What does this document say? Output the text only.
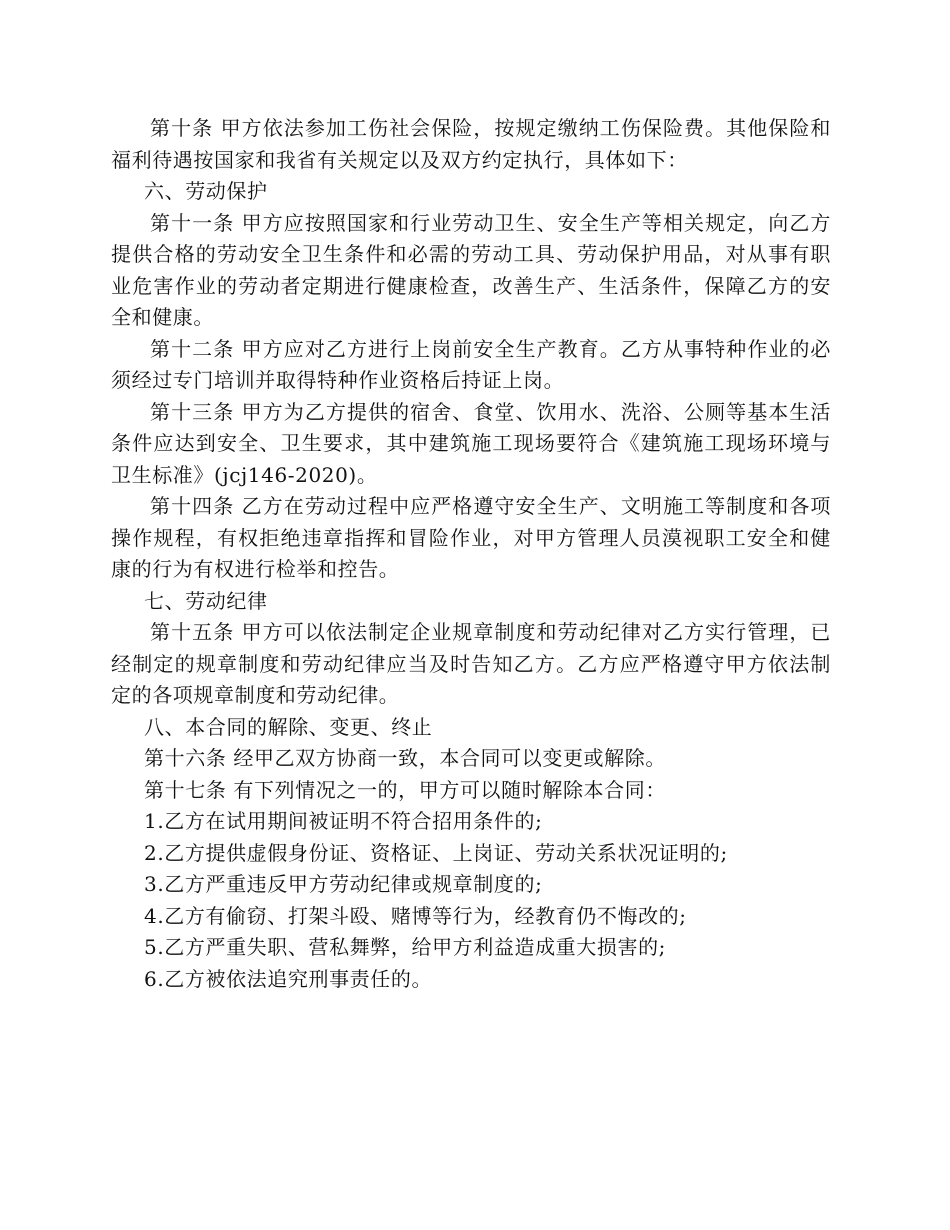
第十条 甲方依法参加工伤社会保险，按规定缴纳工伤保险费。其他保险和福利待遇按国家和我省有关规定以及双方约定执行，具体如下：

六、劳动保护

第十一条 甲方应按照国家和行业劳动卫生、安全生产等相关规定，向乙方提供合格的劳动安全卫生条件和必需的劳动工具、劳动保护用品，对从事有职业危害作业的劳动者定期进行健康检查，改善生产、生活条件，保障乙方的安全和健康。

第十二条 甲方应对乙方进行上岗前安全生产教育。乙方从事特种作业的必须经过专门培训并取得特种作业资格后持证上岗。

第十三条 甲方为乙方提供的宿舍、食堂、饮用水、洗浴、公厕等基本生活条件应达到安全、卫生要求，其中建筑施工现场要符合《建筑施工现场环境与卫生标准》(jcj146-2020)。

第十四条 乙方在劳动过程中应严格遵守安全生产、文明施工等制度和各项操作规程，有权拒绝违章指挥和冒险作业，对甲方管理人员漠视职工安全和健康的行为有权进行检举和控告。

七、劳动纪律

第十五条 甲方可以依法制定企业规章制度和劳动纪律对乙方实行管理，已经制定的规章制度和劳动纪律应当及时告知乙方。乙方应严格遵守甲方依法制定的各项规章制度和劳动纪律。

八、本合同的解除、变更、终止

第十六条 经甲乙双方协商一致，本合同可以变更或解除。

第十七条 有下列情况之一的，甲方可以随时解除本合同：

1.乙方在试用期间被证明不符合招用条件的;

2.乙方提供虚假身份证、资格证、上岗证、劳动关系状况证明的;

3.乙方严重违反甲方劳动纪律或规章制度的;

4.乙方有偷窃、打架斗殴、赌博等行为，经教育仍不悔改的;

5.乙方严重失职、营私舞弊，给甲方利益造成重大损害的;

6.乙方被依法追究刑事责任的。
